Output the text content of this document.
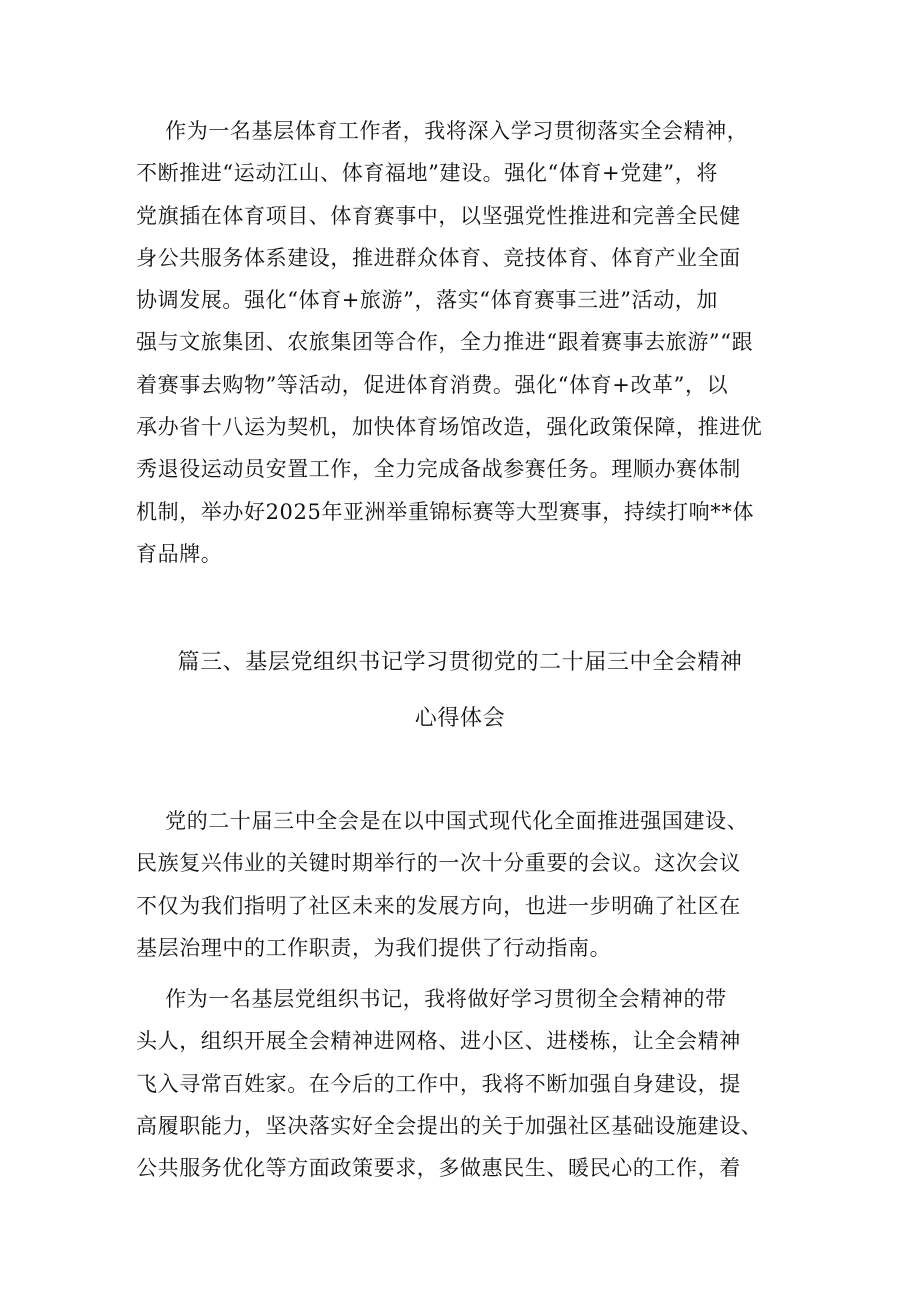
作为一名基层体育工作者，我将深入学习贯彻落实全会精神，
不断推进“运动江山、体育福地”建设。强化“体育+党建”，将
党旗插在体育项目、体育赛事中，以坚强党性推进和完善全民健
身公共服务体系建设，推进群众体育、竞技体育、体育产业全面
协调发展。强化“体育+旅游”，落实“体育赛事三进”活动，加
强与文旅集团、农旅集团等合作，全力推进“跟着赛事去旅游”“跟
着赛事去购物”等活动，促进体育消费。强化“体育+改革”，以
承办省十八运为契机，加快体育场馆改造，强化政策保障，推进优
秀退役运动员安置工作，全力完成备战参赛任务。理顺办赛体制
机制，举办好2025年亚洲举重锦标赛等大型赛事，持续打响**体
育品牌。
篇三、基层党组织书记学习贯彻党的二十届三中全会精神
心得体会
党的二十届三中全会是在以中国式现代化全面推进强国建设、
民族复兴伟业的关键时期举行的一次十分重要的会议。这次会议
不仅为我们指明了社区未来的发展方向，也进一步明确了社区在
基层治理中的工作职责，为我们提供了行动指南。
作为一名基层党组织书记，我将做好学习贯彻全会精神的带
头人，组织开展全会精神进网格、进小区、进楼栋，让全会精神
飞入寻常百姓家。在今后的工作中，我将不断加强自身建设，提
高履职能力，坚决落实好全会提出的关于加强社区基础设施建设、
公共服务优化等方面政策要求，多做惠民生、暖民心的工作，着
